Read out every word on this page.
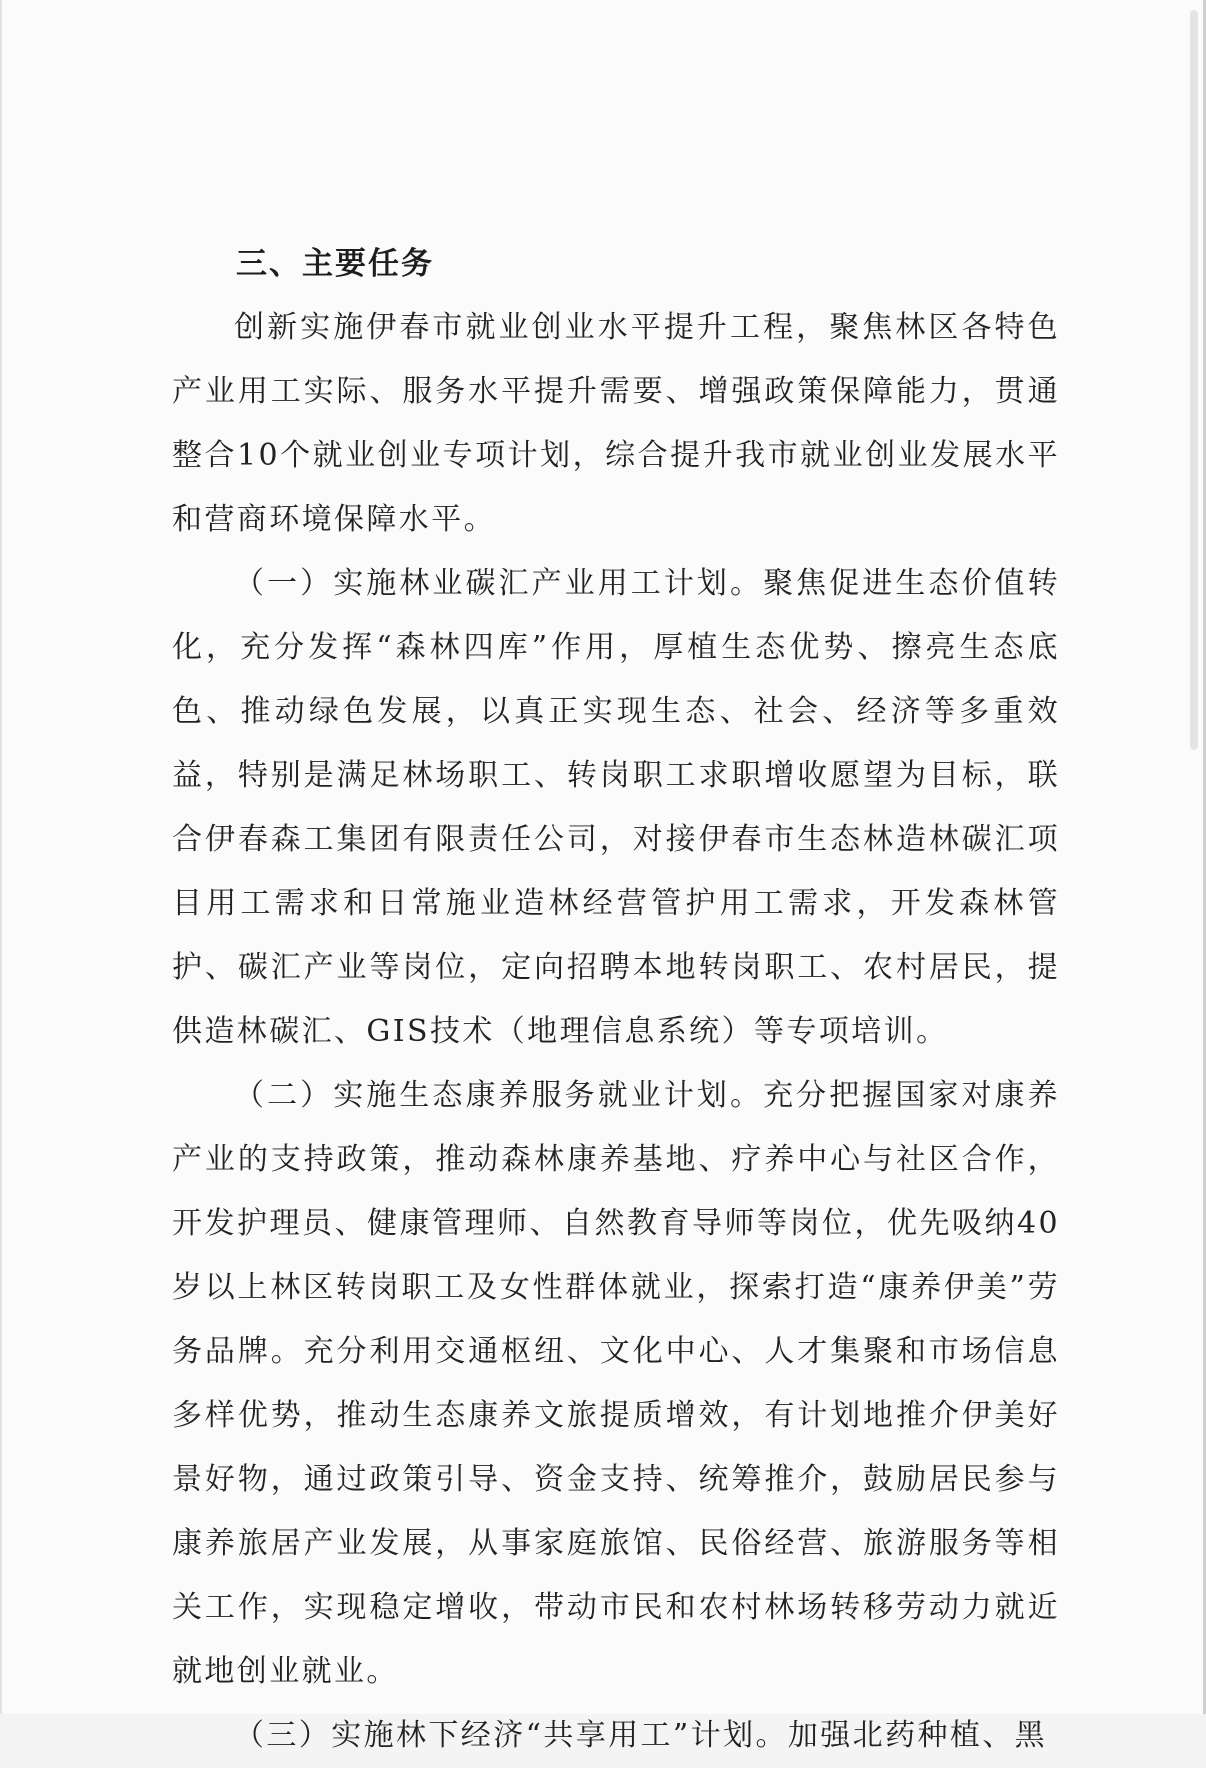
三、主要任务

创新实施伊春市就业创业水平提升工程，聚焦林区各特色产业用工实际、服务水平提升需要、增强政策保障能力，贯通整合10个就业创业专项计划，综合提升我市就业创业发展水平和营商环境保障水平。

（一）实施林业碳汇产业用工计划。聚焦促进生态价值转化，充分发挥“森林四库”作用，厚植生态优势、擦亮生态底色、推动绿色发展，以真正实现生态、社会、经济等多重效益，特别是满足林场职工、转岗职工求职增收愿望为目标，联合伊春森工集团有限责任公司，对接伊春市生态林造林碳汇项目用工需求和日常施业造林经营管护用工需求，开发森林管护、碳汇产业等岗位，定向招聘本地转岗职工、农村居民，提供造林碳汇、GIS技术（地理信息系统）等专项培训。

（二）实施生态康养服务就业计划。充分把握国家对康养产业的支持政策，推动森林康养基地、疗养中心与社区合作，开发护理员、健康管理师、自然教育导师等岗位，优先吸纳40岁以上林区转岗职工及女性群体就业，探索打造“康养伊美”劳务品牌。充分利用交通枢纽、文化中心、人才集聚和市场信息多样优势，推动生态康养文旅提质增效，有计划地推介伊美好景好物，通过政策引导、资金支持、统筹推介，鼓励居民参与康养旅居产业发展，从事家庭旅馆、民俗经营、旅游服务等相关工作，实现稳定增收，带动市民和农村林场转移劳动力就近就地创业就业。

（三）实施林下经济“共享用工”计划。加强北药种植、黑
